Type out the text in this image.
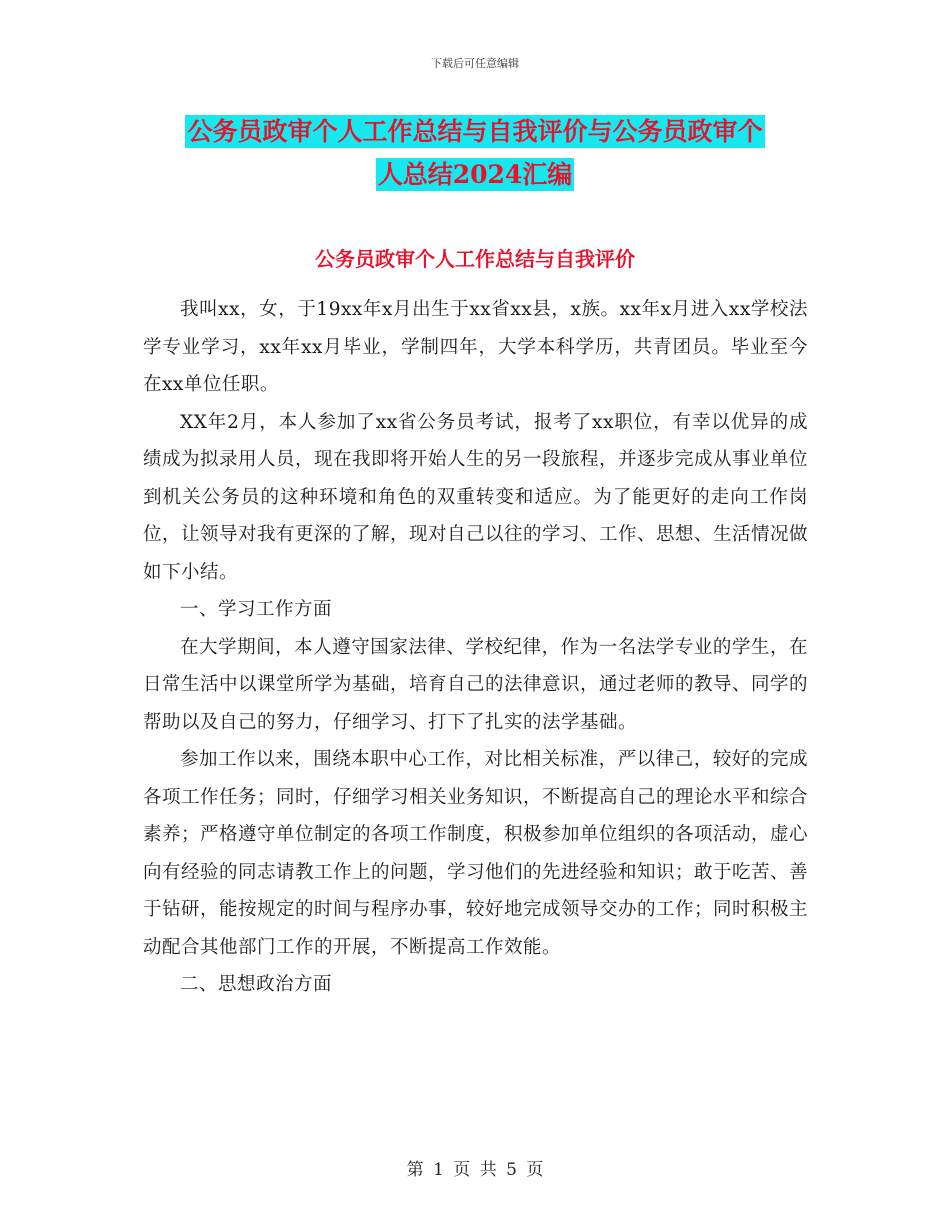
下载后可任意编辑
公务员政审个人工作总结与自我评价与公务员政审个
人总结2024汇编
公务员政审个人工作总结与自我评价

我叫xx，女，于19xx年x月出生于xx省xx县，x族。xx年x月进入xx学校法学专业学习，xx年xx月毕业，学制四年，大学本科学历，共青团员。毕业至今在xx单位任职。

XX年2月，本人参加了xx省公务员考试，报考了xx职位，有幸以优异的成绩成为拟录用人员，现在我即将开始人生的另一段旅程，并逐步完成从事业单位到机关公务员的这种环境和角色的双重转变和适应。为了能更好的走向工作岗位，让领导对我有更深的了解，现对自己以往的学习、工作、思想、生活情况做如下小结。

一、学习工作方面

在大学期间，本人遵守国家法律、学校纪律，作为一名法学专业的学生，在日常生活中以课堂所学为基础，培育自己的法律意识，通过老师的教导、同学的帮助以及自己的努力，仔细学习、打下了扎实的法学基础。

参加工作以来，围绕本职中心工作，对比相关标准，严以律己，较好的完成各项工作任务；同时，仔细学习相关业务知识，不断提高自己的理论水平和综合素养；严格遵守单位制定的各项工作制度，积极参加单位组织的各项活动，虚心向有经验的同志请教工作上的问题，学习他们的先进经验和知识；敢于吃苦、善于钻研，能按规定的时间与程序办事，较好地完成领导交办的工作；同时积极主动配合其他部门工作的开展，不断提高工作效能。

二、思想政治方面

第 1 页 共 5 页
